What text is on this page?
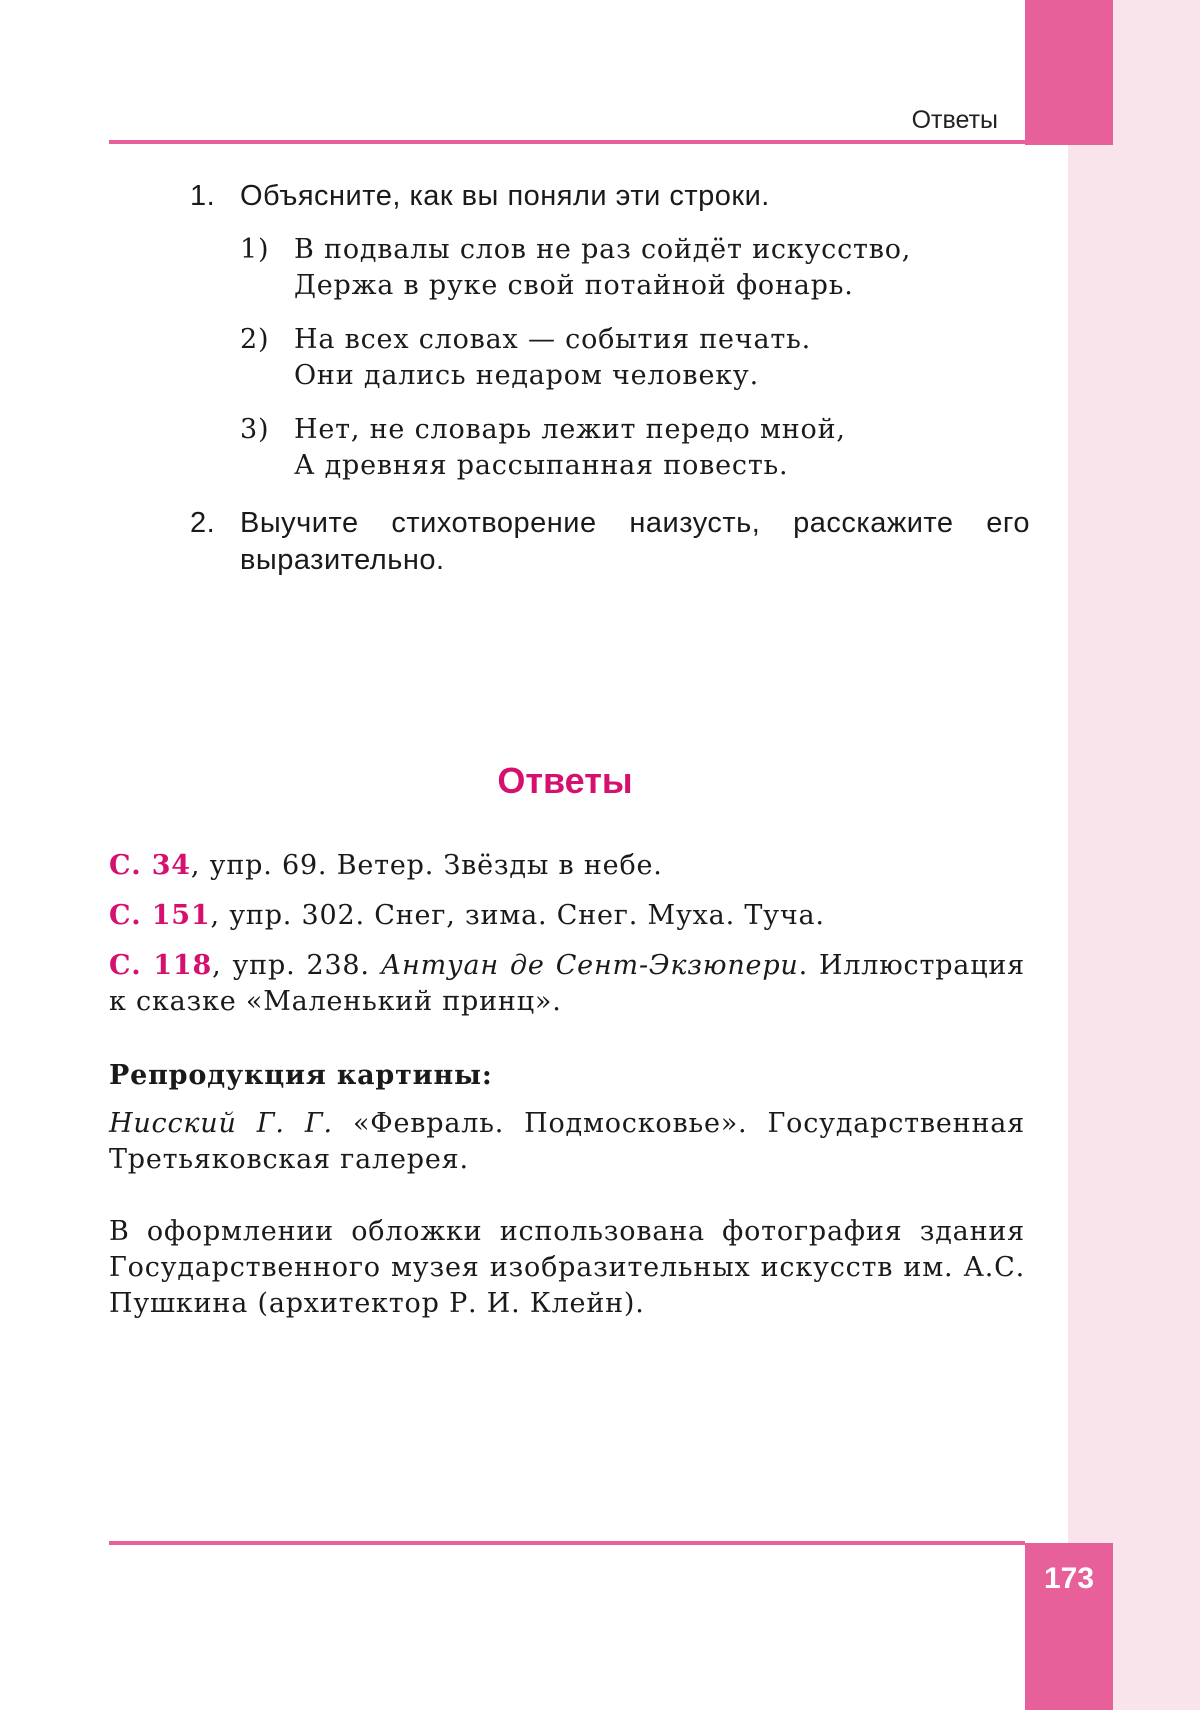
Ответы
173
1. Объясните, как вы поняли эти строки.
1) В подвалы слов не раз сойдёт искусство,
Держа в руке свой потайной фонарь.
2) На всех словах — события печать.
Они дались недаром человеку.
3) Нет, не словарь лежит передо мной,
А древняя рассыпанная повесть.
2. Выучите стихотворение наизусть, расскажите его выразительно.
Ответы
С. 34, упр. 69. Ветер. Звёзды в небе.
С. 151, упр. 302. Снег, зима. Снег. Муха. Туча.
С. 118, упр. 238. Антуан де Сент-Экзюпери. Иллюстрация к сказке «Маленький принц».
Репродукция картины:
Нисский Г. Г. «Февраль. Подмосковье». Государственная Третьяковская галерея.
В оформлении обложки использована фотография здания Государственного музея изобразительных искусств им. А.С. Пушкина (архитектор Р. И. Клейн).
